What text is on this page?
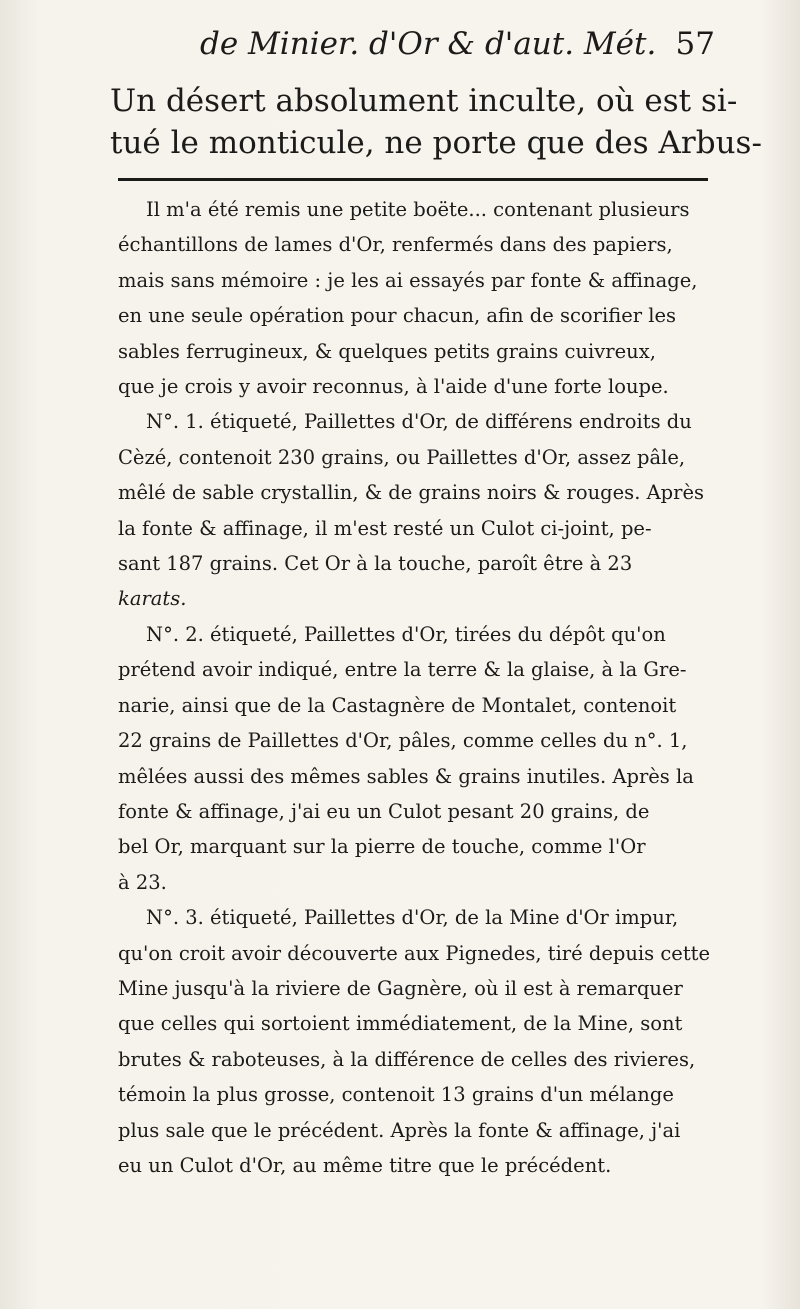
de Minier. d'Or & d'aut. Mét. 57
Un désert absolument inculte, où est si-
tué le monticule, ne porte que des Arbus-
Il m'a été remis une petite boëte... contenant plusieurs
échantillons de lames d'Or, renfermés dans des papiers,
mais sans mémoire : je les ai essayés par fonte & affinage,
en une seule opération pour chacun, afin de scorifier les
sables ferrugineux, & quelques petits grains cuivreux,
que je crois y avoir reconnus, à l'aide d'une forte loupe.
N°. 1. étiqueté, Paillettes d'Or, de différens endroits du
Cèzé, contenoit 230 grains, ou Paillettes d'Or, assez pâle,
mêlé de sable crystallin, & de grains noirs & rouges. Après
la fonte & affinage, il m'est resté un Culot ci-joint, pe-
sant 187 grains. Cet Or à la touche, paroît être à 23
karats.
N°. 2. étiqueté, Paillettes d'Or, tirées du dépôt qu'on
prétend avoir indiqué, entre la terre & la glaise, à la Gre-
narie, ainsi que de la Castagnère de Montalet, contenoit
22 grains de Paillettes d'Or, pâles, comme celles du n°. 1,
mêlées aussi des mêmes sables & grains inutiles. Après la
fonte & affinage, j'ai eu un Culot pesant 20 grains, de
bel Or, marquant sur la pierre de touche, comme l'Or
à 23.
N°. 3. étiqueté, Paillettes d'Or, de la Mine d'Or impur,
qu'on croit avoir découverte aux Pignedes, tiré depuis cette
Mine jusqu'à la riviere de Gagnère, où il est à remarquer
que celles qui sortoient immédiatement, de la Mine, sont
brutes & raboteuses, à la différence de celles des rivieres,
témoin la plus grosse, contenoit 13 grains d'un mélange
plus sale que le précédent. Après la fonte & affinage, j'ai
eu un Culot d'Or, au même titre que le précédent.
